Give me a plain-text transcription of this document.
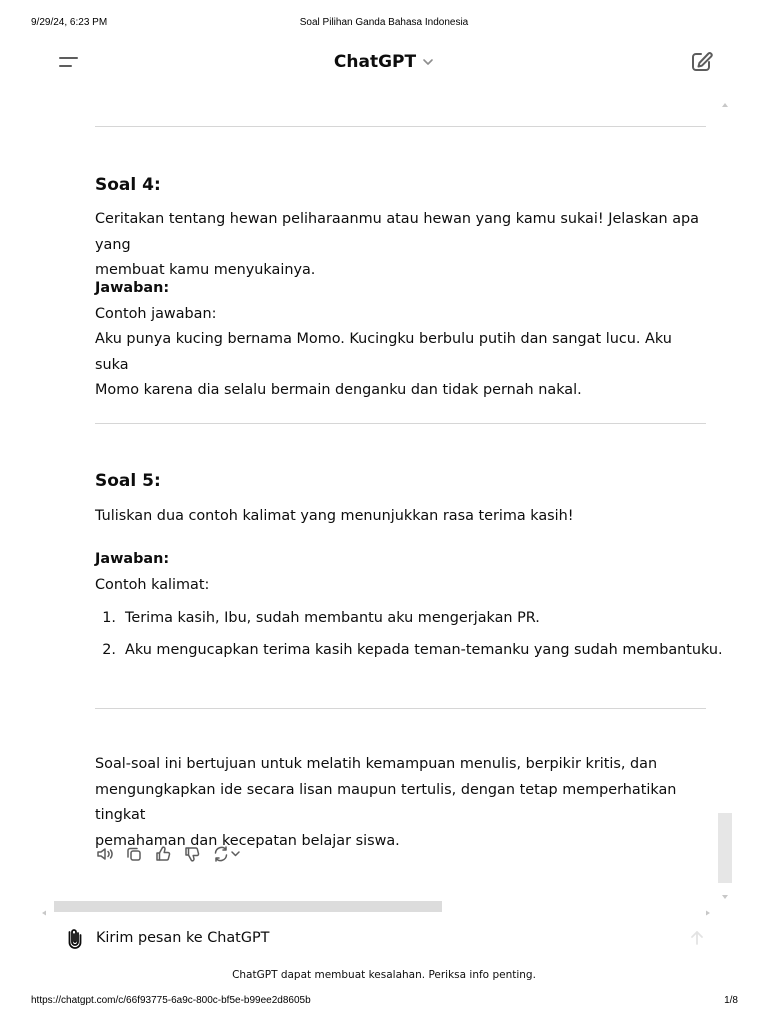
9/29/24, 6:23 PM	Soal Pilihan Ganda Bahasa Indonesia
ChatGPT
Soal 4:
Ceritakan tentang hewan peliharaanmu atau hewan yang kamu sukai! Jelaskan apa yang
membuat kamu menyukainya.
Jawaban:
Contoh jawaban:
Aku punya kucing bernama Momo. Kucingku berbulu putih dan sangat lucu. Aku suka
Momo karena dia selalu bermain denganku dan tidak pernah nakal.
Soal 5:
Tuliskan dua contoh kalimat yang menunjukkan rasa terima kasih!
Jawaban:
Contoh kalimat:
1. Terima kasih, Ibu, sudah membantu aku mengerjakan PR.
2. Aku mengucapkan terima kasih kepada teman-temanku yang sudah membantuku.
Soal-soal ini bertujuan untuk melatih kemampuan menulis, berpikir kritis, dan
mengungkapkan ide secara lisan maupun tertulis, dengan tetap memperhatikan tingkat
pemahaman dan kecepatan belajar siswa.
Kirim pesan ke ChatGPT
ChatGPT dapat membuat kesalahan. Periksa info penting.
https://chatgpt.com/c/66f93775-6a9c-800c-bf5e-b99ee2d8605b	1/8
